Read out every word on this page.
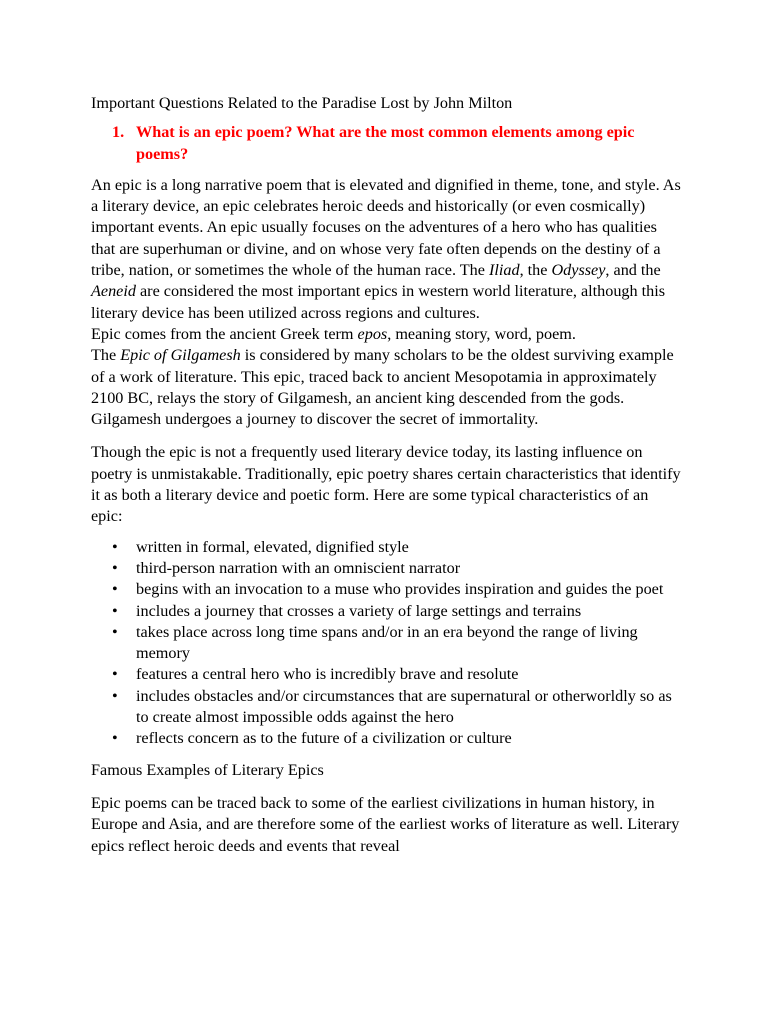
Important Questions Related to the Paradise Lost by John Milton

1. What is an epic poem? What are the most common elements among epic poems?

An epic is a long narrative poem that is elevated and dignified in theme, tone, and style. As a literary device, an epic celebrates heroic deeds and historically (or even cosmically) important events. An epic usually focuses on the adventures of a hero who has qualities that are superhuman or divine, and on whose very fate often depends on the destiny of a tribe, nation, or sometimes the whole of the human race. The Iliad, the Odyssey, and the Aeneid are considered the most important epics in western world literature, although this literary device has been utilized across regions and cultures.

Epic comes from the ancient Greek term epos, meaning story, word, poem.
The Epic of Gilgamesh is considered by many scholars to be the oldest surviving example of a work of literature. This epic, traced back to ancient Mesopotamia in approximately 2100 BC, relays the story of Gilgamesh, an ancient king descended from the gods. Gilgamesh undergoes a journey to discover the secret of immortality.

Though the epic is not a frequently used literary device today, its lasting influence on poetry is unmistakable. Traditionally, epic poetry shares certain characteristics that identify it as both a literary device and poetic form. Here are some typical characteristics of an epic:

• written in formal, elevated, dignified style
• third-person narration with an omniscient narrator
• begins with an invocation to a muse who provides inspiration and guides the poet
• includes a journey that crosses a variety of large settings and terrains
• takes place across long time spans and/or in an era beyond the range of living memory
• features a central hero who is incredibly brave and resolute
• includes obstacles and/or circumstances that are supernatural or otherworldly so as to create almost impossible odds against the hero
• reflects concern as to the future of a civilization or culture

Famous Examples of Literary Epics

Epic poems can be traced back to some of the earliest civilizations in human history, in Europe and Asia, and are therefore some of the earliest works of literature as well. Literary epics reflect heroic deeds and events that reveal
